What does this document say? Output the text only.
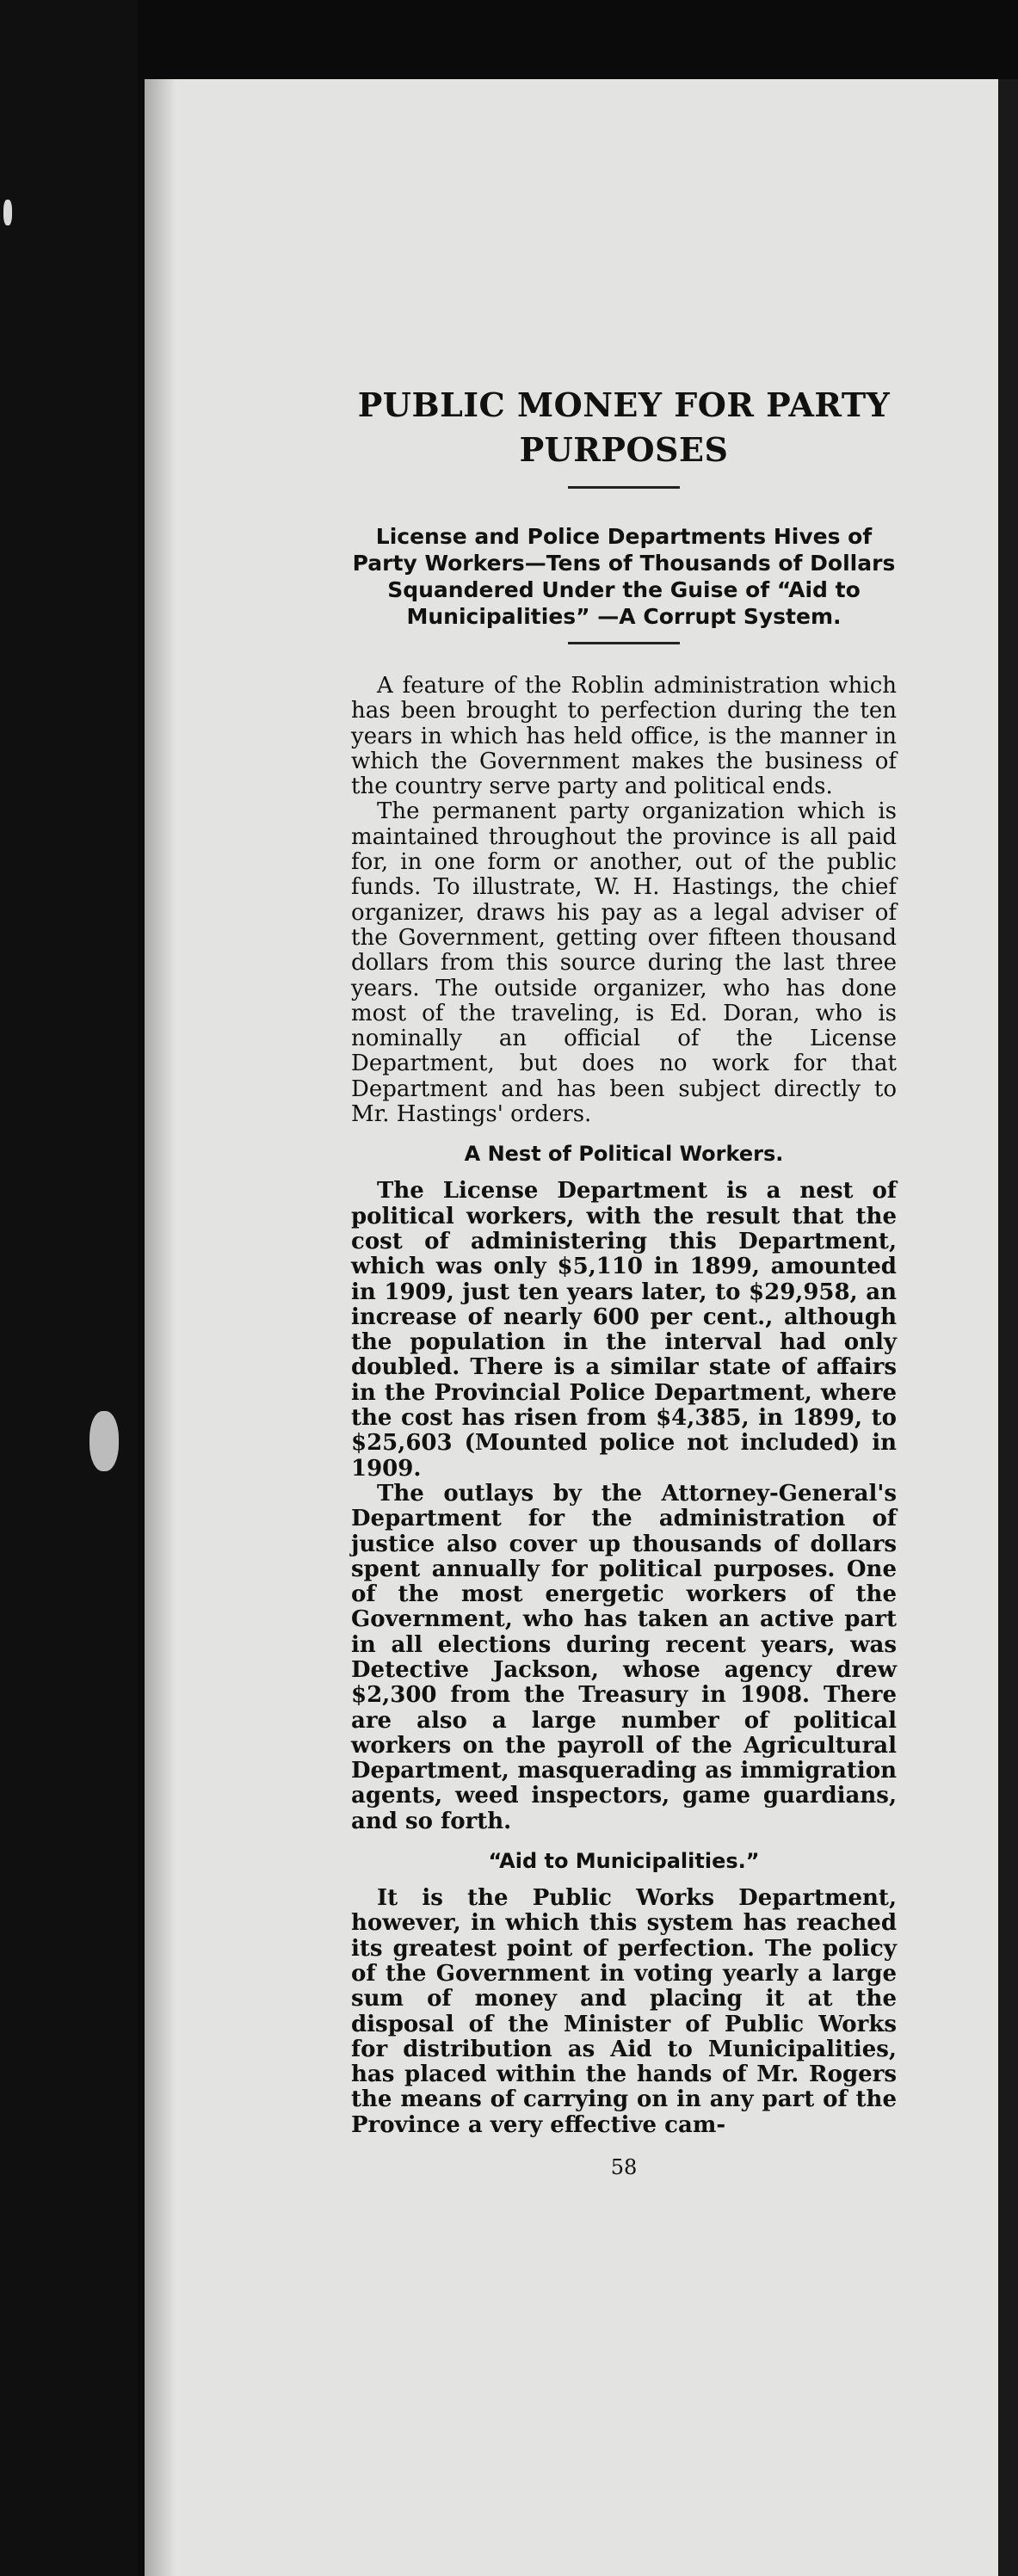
PUBLIC MONEY FOR PARTY PURPOSES

License and Police Departments Hives of Party Workers—Tens of Thousands of Dollars Squandered Under the Guise of “Aid to Municipalities” —A Corrupt System.

A feature of the Roblin administration which has been brought to perfection during the ten years in which has held office, is the manner in which the Government makes the business of the country serve party and political ends.

The permanent party organization which is maintained throughout the province is all paid for, in one form or another, out of the public funds. To illustrate, W. H. Hastings, the chief organizer, draws his pay as a legal adviser of the Government, getting over fifteen thousand dollars from this source during the last three years. The outside organizer, who has done most of the traveling, is Ed. Doran, who is nominally an official of the License Department, but does no work for that Department and has been subject directly to Mr. Hastings' orders.

A Nest of Political Workers.

The License Department is a nest of political workers, with the result that the cost of administering this Department, which was only $5,110 in 1899, amounted in 1909, just ten years later, to $29,958, an increase of nearly 600 per cent., although the population in the interval had only doubled. There is a similar state of affairs in the Provincial Police Department, where the cost has risen from $4,385, in 1899, to $25,603 (Mounted police not included) in 1909.

The outlays by the Attorney-General's Department for the administration of justice also cover up thousands of dollars spent annually for political purposes. One of the most energetic workers of the Government, who has taken an active part in all elections during recent years, was Detective Jackson, whose agency drew $2,300 from the Treasury in 1908. There are also a large number of political workers on the payroll of the Agricultural Department, masquerading as immigration agents, weed inspectors, game guardians, and so forth.

“Aid to Municipalities.”

It is the Public Works Department, however, in which this system has reached its greatest point of perfection. The policy of the Government in voting yearly a large sum of money and placing it at the disposal of the Minister of Public Works for distribution as Aid to Municipalities, has placed within the hands of Mr. Rogers the means of carrying on in any part of the Province a very effective cam-

58
